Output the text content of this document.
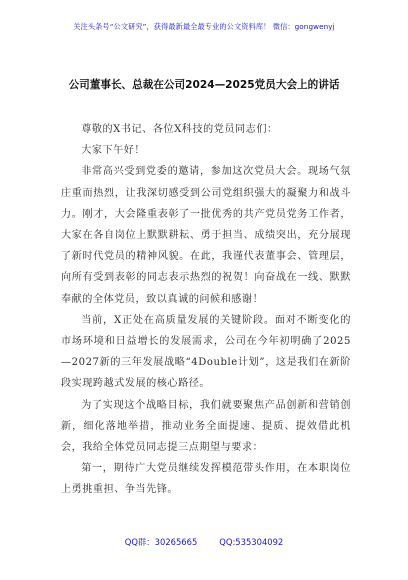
关注头条号“公文研究”，获得最新最全最专业的公文资料库！ 微信：gongwenyj
公司董事长、总裁在公司2024—2025党员大会上的讲话

尊敬的X书记、各位X科技的党员同志们：

大家下午好！

非常高兴受到党委的邀请，参加这次党员大会。现场气氛庄重而热烈，让我深切感受到公司党组织强大的凝聚力和战斗力。刚才，大会隆重表彰了一批优秀的共产党员党务工作者，大家在各自岗位上默默耕耘、勇于担当、成绩突出，充分展现了新时代党员的精神风貌。在此，我谨代表董事会、管理层，向所有受到表彰的同志表示热烈的祝贺！向奋战在一线、默默奉献的全体党员，致以真诚的问候和感谢！

当前，X正处在高质量发展的关键阶段。面对不断变化的市场环境和日益增长的发展需求，公司在今年初明确了2025—2027新的三年发展战略“4Double计划”，这是我们在新阶段实现跨越式发展的核心路径。

为了实现这个战略目标，我们就要聚焦产品创新和营销创新，细化落地举措，推动业务全面提速、提质、提效借此机会，我给全体党员同志提三点期望与要求：

第一，期待广大党员继续发挥模范带头作用，在本职岗位上勇挑重担、争当先锋。

QQ群：30265665	QQ:535304092
